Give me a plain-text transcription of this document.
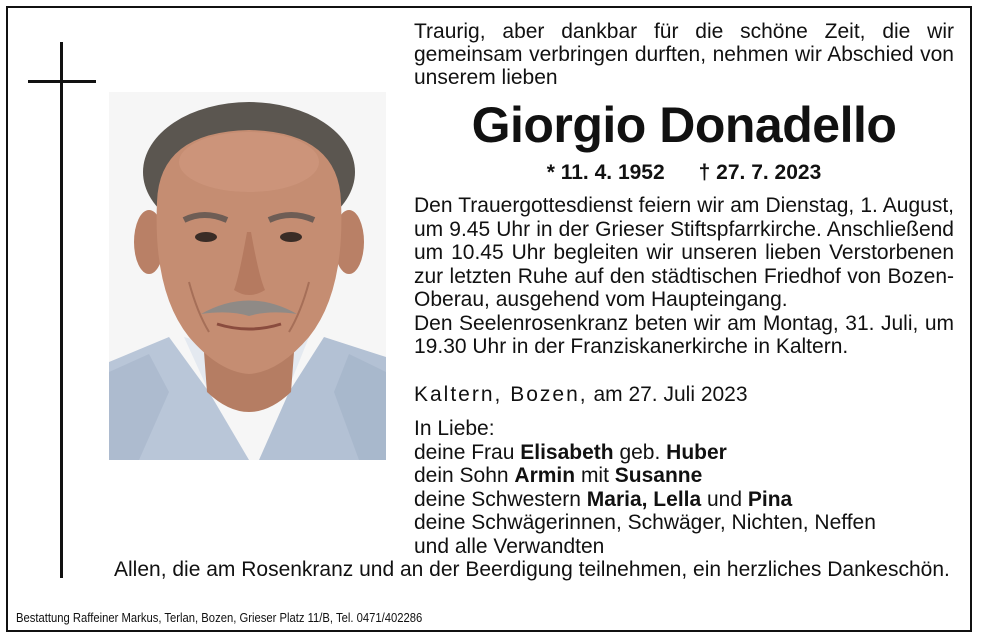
Traurig, aber dankbar für die schöne Zeit, die wir gemeinsam verbringen durften, nehmen wir Abschied von unserem lieben
Giorgio Donadello
* 11. 4. 1952 † 27. 7. 2023

Den Trauergottesdienst feiern wir am Dienstag, 1. August, um 9.45 Uhr in der Grieser Stiftspfarrkirche. Anschließend um 10.45 Uhr begleiten wir unseren lieben Verstorbenen zur letzten Ruhe auf den städtischen Friedhof von Bozen-Oberau, ausgehend vom Haupteingang.

Den Seelenrosenkranz beten wir am Montag, 31. Juli, um 19.30 Uhr in der Franziskanerkirche in Kaltern.

Kaltern, Bozen, am 27. Juli 2023
In Liebe:
deine Frau Elisabeth geb. Huber
dein Sohn Armin mit Susanne
deine Schwestern Maria, Lella und Pina
deine Schwägerinnen, Schwäger, Nichten, Neffen
und alle Verwandten
Allen, die am Rosenkranz und an der Beerdigung teilnehmen, ein herzliches Dankeschön.
Bestattung Raffeiner Markus, Terlan, Bozen, Grieser Platz 11/B, Tel. 0471/402286
